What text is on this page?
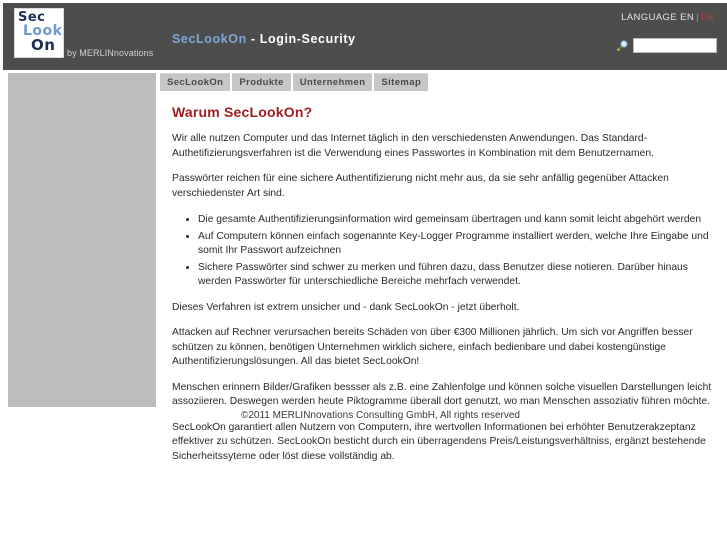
Sec
Look
On	by MERLINnovations
SecLookOn - Login-Security
LANGUAGE EN | DE
SecLookOn	Produkte	Unternehmen	Sitemap
Warum SecLookOn?

Wir alle nutzen Computer und das Internet täglich in den verschiedensten Anwendungen. Das Standard-Authetifizierungsverfahren ist die Verwendung eines Passwortes in Kombination mit dem Benutzernamen.

Passwörter reichen für eine sichere Authentifizierung nicht mehr aus, da sie sehr anfällig gegenüber Attacken verschiedenster Art sind.

• Die gesamte Authentifizierungsinformation wird gemeinsam übertragen und kann somit leicht abgehört werden
• Auf Computern können einfach sogenannte Key-Logger Programme installiert werden, welche Ihre Eingabe und somit Ihr Passwort aufzeichnen
• Sichere Passwörter sind schwer zu merken und führen dazu, dass Benutzer diese notieren. Darüber hinaus werden Passwörter für unterschiedliche Bereiche mehrfach verwendet.

Dieses Verfahren ist extrem unsicher und - dank SecLookOn - jetzt überholt.

Attacken auf Rechner verursachen bereits Schäden von über €300 Millionen jährlich. Um sich vor Angriffen besser schützen zu können, benötigen Unternehmen wirklich sichere, einfach bedienbare und dabei kostengünstige Authentifizierungslösungen. All das bietet SecLookOn!

Menschen erinnern Bilder/Grafiken bessser als z.B. eine Zahlenfolge und können solche visuellen Darstellungen leicht assoziieren. Deswegen werden heute Piktogramme überall dort genutzt, wo man Menschen assoziativ führen möchte.

SecLookOn garantiert allen Nutzern von Computern, ihre wertvollen Informationen bei erhöhter Benutzerakzeptanz effektiver zu schützen. SecLookOn besticht durch ein überragendens Preis/Leistungsverhältniss, ergänzt bestehende Sicherheitssyteme oder löst diese vollständig ab.

©2011 MERLINnovations Consulting GmbH, All rights reserved
